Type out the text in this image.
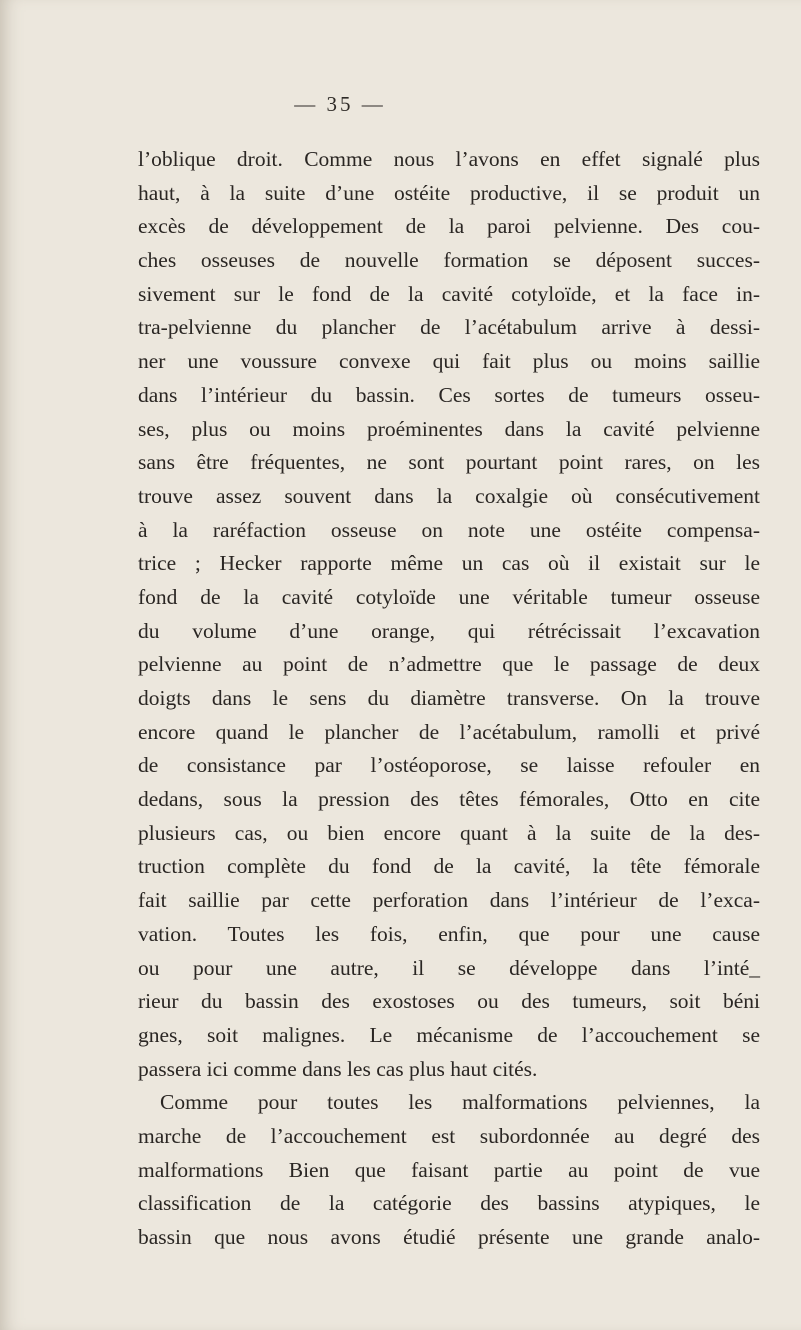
— 35 —
l’oblique droit. Comme nous l’avons en effet signalé plus
haut, à la suite d’une ostéite productive, il se produit un
excès de développement de la paroi pelvienne. Des cou-
ches osseuses de nouvelle formation se déposent succes-
sivement sur le fond de la cavité cotyloïde, et la face in-
tra-pelvienne du plancher de l’acétabulum arrive à dessi-
ner une voussure convexe qui fait plus ou moins saillie
dans l’intérieur du bassin. Ces sortes de tumeurs osseu-
ses, plus ou moins proéminentes dans la cavité pelvienne
sans être fréquentes, ne sont pourtant point rares, on les
trouve assez souvent dans la coxalgie où consécutivement
à la raréfaction osseuse on note une ostéite compensa-
trice ; Hecker rapporte même un cas où il existait sur le
fond de la cavité cotyloïde une véritable tumeur osseuse
du volume d’une orange, qui rétrécissait l’excavation
pelvienne au point de n’admettre que le passage de deux
doigts dans le sens du diamètre transverse. On la trouve
encore quand le plancher de l’acétabulum, ramolli et privé
de consistance par l’ostéoporose, se laisse refouler en
dedans, sous la pression des têtes fémorales, Otto en cite
plusieurs cas, ou bien encore quant à la suite de la des-
truction complète du fond de la cavité, la tête fémorale
fait saillie par cette perforation dans l’intérieur de l’exca-
vation. Toutes les fois, enfin, que pour une cause
ou pour une autre, il se développe dans l’inté_
rieur du bassin des exostoses ou des tumeurs, soit béni
gnes, soit malignes. Le mécanisme de l’accouchement se
passera ici comme dans les cas plus haut cités.
Comme pour toutes les malformations pelviennes, la
marche de l’accouchement est subordonnée au degré des
malformations Bien que faisant partie au point de vue
classification de la catégorie des bassins atypiques, le
bassin que nous avons étudié présente une grande analo-
